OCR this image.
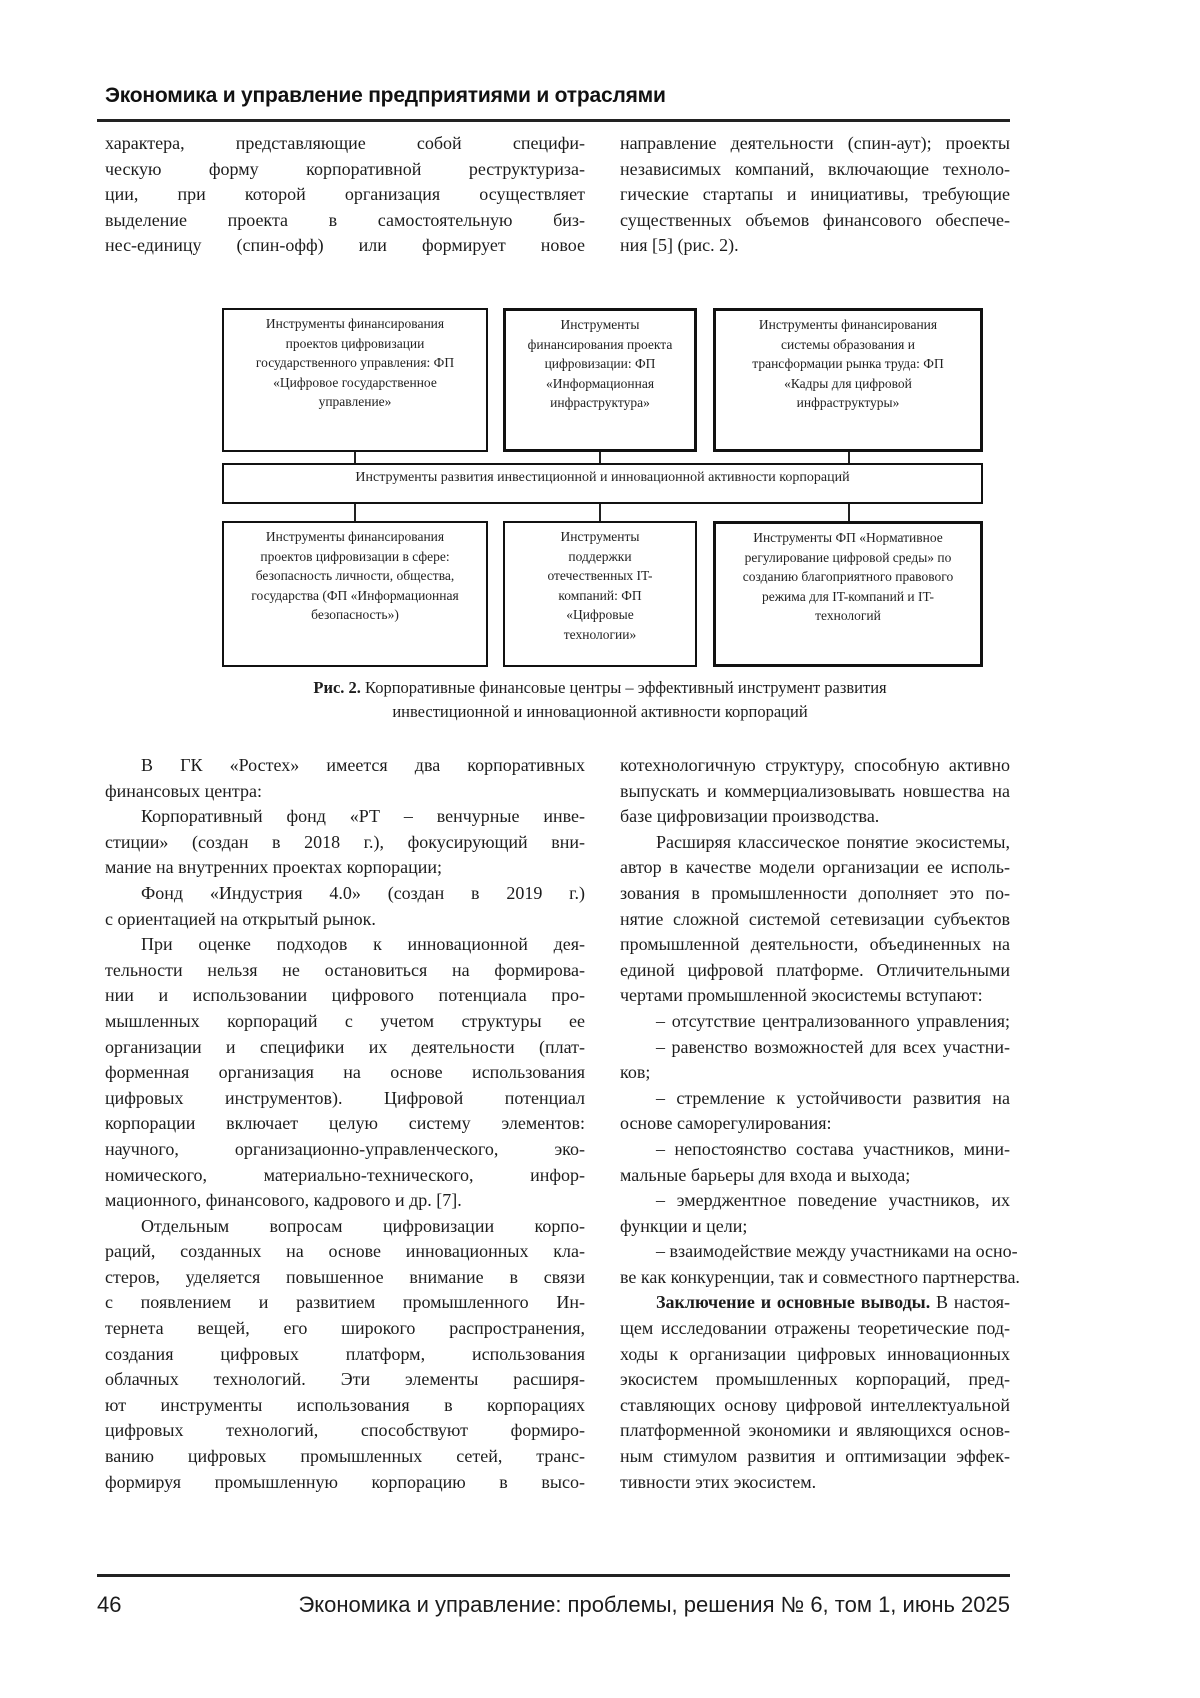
Экономика и управление предприятиями и отраслями
характера, представляющие собой специфи-
ческую форму корпоративной реструктуриза-
ции, при которой организация осуществляет
выделение проекта в самостоятельную биз-
нес-единицу (спин-офф) или формирует новое
направление деятельности (спин-аут); проекты
независимых компаний, включающие техноло-
гические стартапы и инициативы, требующие
существенных объемов финансового обеспече-
ния [5] (рис. 2).
Инструменты финансирования
проектов цифровизации
государственного управления: ФП
«Цифровое государственное
управление»
Инструменты
финансирования проекта
цифровизации: ФП
«Информационная
инфраструктура»
Инструменты финансирования
системы образования и
трансформации рынка труда: ФП
«Кадры для цифровой
инфраструктуры»
Инструменты развития инвестиционной и инновационной активности корпораций
Инструменты финансирования
проектов цифровизации в сфере:
безопасность личности, общества,
государства (ФП «Информационная
безопасность»)
Инструменты
поддержки
отечественных IT-
компаний: ФП
«Цифровые
технологии»
Инструменты ФП «Нормативное
регулирование цифровой среды» по
созданию благоприятного правового
режима для IT-компаний и IT-
технологий
Рис. 2. Корпоративные финансовые центры – эффективный инструмент развития
инвестиционной и инновационной активности корпораций
В ГК «Ростех» имеется два корпоративных
финансовых центра:
Корпоративный фонд «РТ – венчурные инве-
стиции» (создан в 2018 г.), фокусирующий вни-
мание на внутренних проектах корпорации;
Фонд «Индустрия 4.0» (создан в 2019 г.)
с ориентацией на открытый рынок.
При оценке подходов к инновационной дея-
тельности нельзя не остановиться на формирова-
нии и использовании цифрового потенциала про-
мышленных корпораций с учетом структуры ее
организации и специфики их деятельности (плат-
форменная организация на основе использования
цифровых инструментов). Цифровой потенциал
корпорации включает целую систему элементов:
научного, организационно-управленческого, эко-
номического, материально-технического, инфор-
мационного, финансового, кадрового и др. [7].
Отдельным вопросам цифровизации корпо-
раций, созданных на основе инновационных кла-
стеров, уделяется повышенное внимание в связи
с появлением и развитием промышленного Ин-
тернета вещей, его широкого распространения,
создания цифровых платформ, использования
облачных технологий. Эти элементы расширя-
ют инструменты использования в корпорациях
цифровых технологий, способствуют формиро-
ванию цифровых промышленных сетей, транс-
формируя промышленную корпорацию в высо-
котехнологичную структуру, способную активно
выпускать и коммерциализовывать новшества на
базе цифровизации производства.
Расширяя классическое понятие экосистемы,
автор в качестве модели организации ее исполь-
зования в промышленности дополняет это по-
нятие сложной системой сетевизации субъектов
промышленной деятельности, объединенных на
единой цифровой платформе. Отличительными
чертами промышленной экосистемы вступают:
– отсутствие централизованного управления;
– равенство возможностей для всех участни-
ков;
– стремление к устойчивости развития на
основе саморегулирования:
– непостоянство состава участников, мини-
мальные барьеры для входа и выхода;
– эмерджентное поведение участников, их
функции и цели;
– взаимодействие между участниками на осно-
ве как конкуренции, так и совместного партнерства.
Заключение и основные выводы. В настоя-
щем исследовании отражены теоретические под-
ходы к организации цифровых инновационных
экосистем промышленных корпораций, пред-
ставляющих основу цифровой интеллектуальной
платформенной экономики и являющихся основ-
ным стимулом развития и оптимизации эффек-
тивности этих экосистем.
46	Экономика и управление: проблемы, решения № 6, том 1, июнь 2025
